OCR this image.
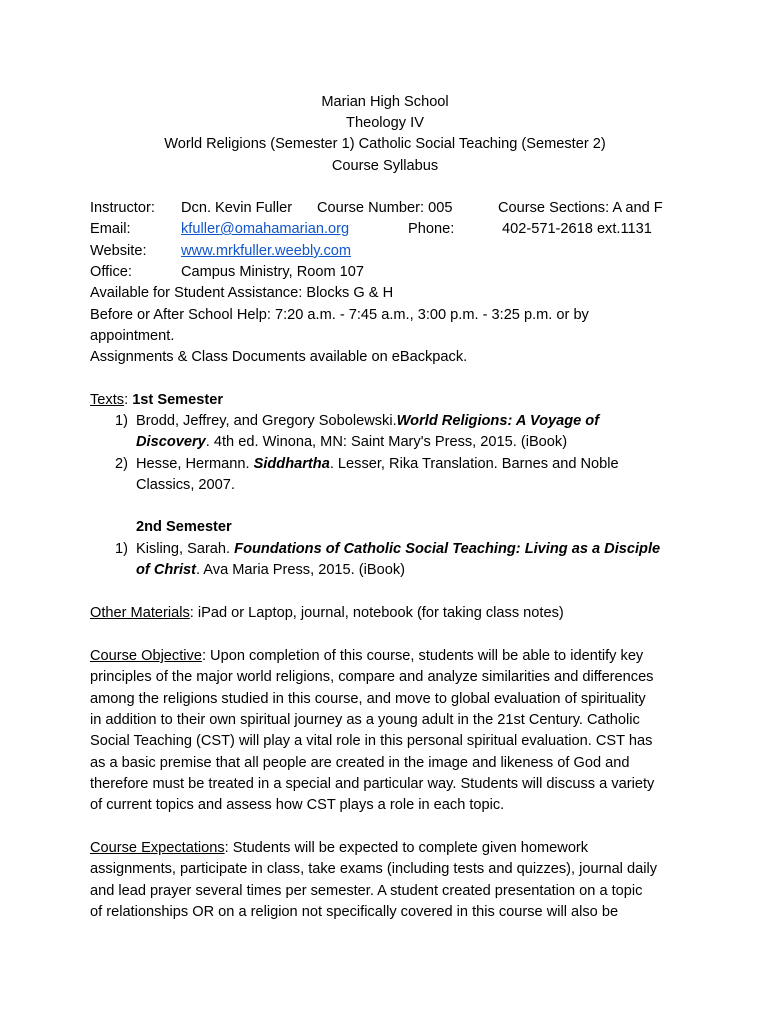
Marian High School
Theology IV
World Religions (Semester 1) Catholic Social Teaching (Semester 2)
Course Syllabus
Instructor: Dcn. Kevin Fuller Course Number: 005	Course Sections: A and F
Email:	kfuller@omahamarian.org	Phone:	402-571-2618 ext.1131
Website: www.mrkfuller.weebly.com
Office:	Campus Ministry, Room 107
Available for Student Assistance: Blocks G & H
Before or After School Help: 7:20 a.m. - 7:45 a.m., 3:00 p.m. - 3:25 p.m. or by
appointment.
Assignments & Class Documents available on eBackpack.
Texts: 1st Semester
1) Brodd, Jeffrey, and Gregory Sobolewski.World Religions: A Voyage of
Discovery. 4th ed. Winona, MN: Saint Mary's Press, 2015. (iBook)
2) Hesse, Hermann. Siddhartha. Lesser, Rika Translation. Barnes and Noble
Classics, 2007.
2nd Semester
1) Kisling, Sarah. Foundations of Catholic Social Teaching: Living as a Disciple
of Christ. Ava Maria Press, 2015. (iBook)
Other Materials: iPad or Laptop, journal, notebook (for taking class notes)
Course Objective: Upon completion of this course, students will be able to identify key
principles of the major world religions, compare and analyze similarities and differences
among the religions studied in this course, and move to global evaluation of spirituality
in addition to their own spiritual journey as a young adult in the 21st Century. Catholic
Social Teaching (CST) will play a vital role in this personal spiritual evaluation. CST has
as a basic premise that all people are created in the image and likeness of God and
therefore must be treated in a special and particular way. Students will discuss a variety
of current topics and assess how CST plays a role in each topic.
Course Expectations: Students will be expected to complete given homework
assignments, participate in class, take exams (including tests and quizzes), journal daily
and lead prayer several times per semester. A student created presentation on a topic
of relationships OR on a religion not specifically covered in this course will also be
